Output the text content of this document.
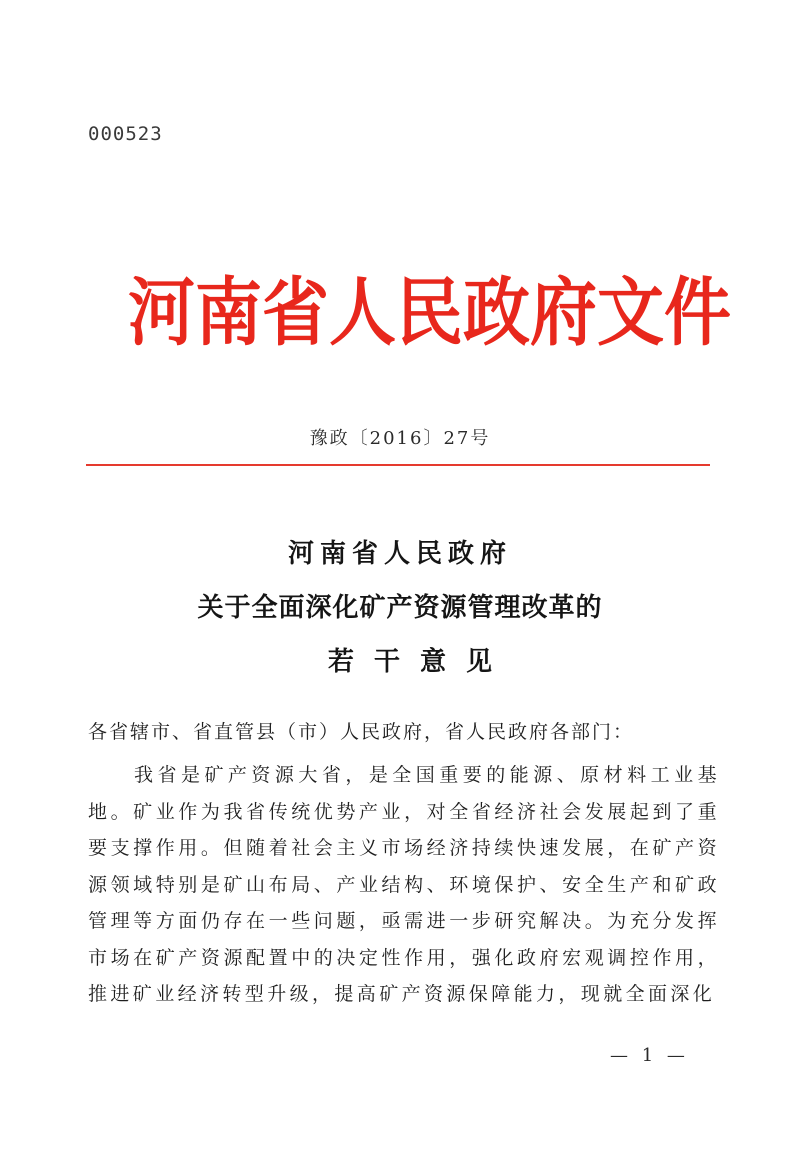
000523
河南省人民政府文件
豫政〔2016〕27号
河南省人民政府
关于全面深化矿产资源管理改革的
若干意见
各省辖市、省直管县（市）人民政府，省人民政府各部门：

我省是矿产资源大省，是全国重要的能源、原材料工业基地。矿业作为我省传统优势产业，对全省经济社会发展起到了重要支撑作用。但随着社会主义市场经济持续快速发展，在矿产资源领域特别是矿山布局、产业结构、环境保护、安全生产和矿政管理等方面仍存在一些问题，亟需进一步研究解决。为充分发挥市场在矿产资源配置中的决定性作用，强化政府宏观调控作用，推进矿业经济转型升级，提高矿产资源保障能力，现就全面深化

— 1 —
